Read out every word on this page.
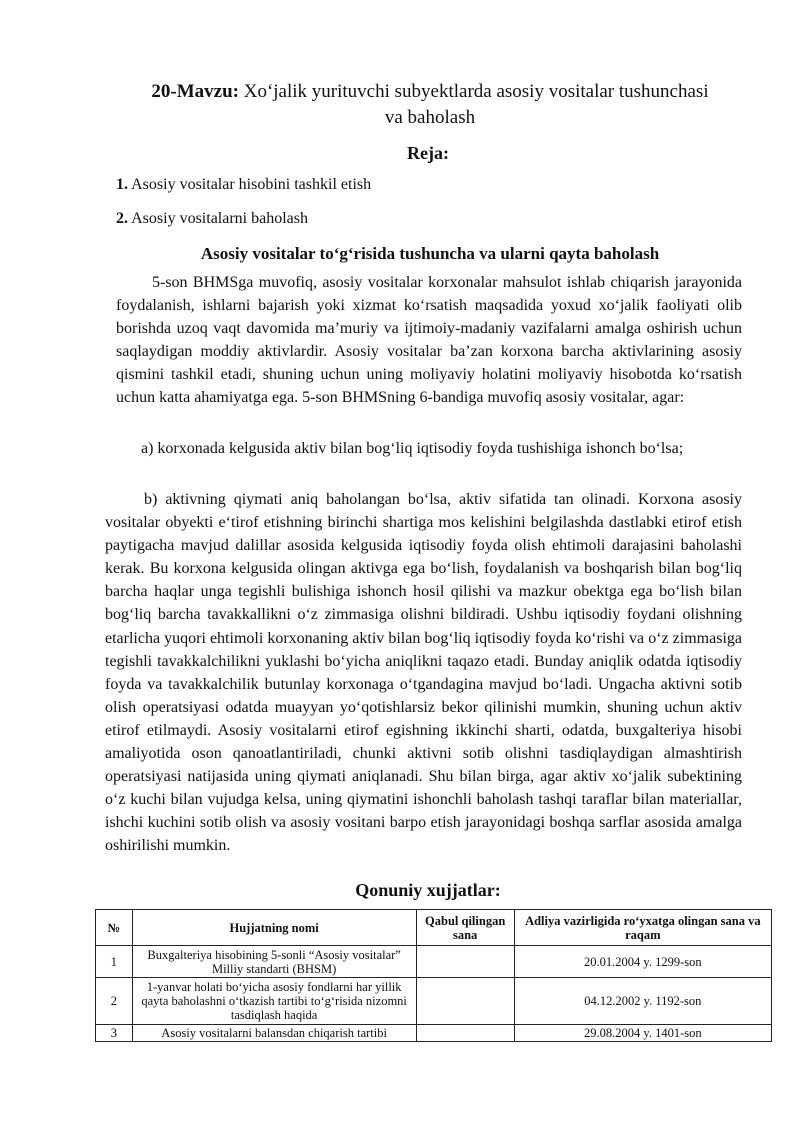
20-Mavzu: Xo‘jalik yurituvchi subyektlarda asosiy vositalar tushunchasi va baholash
Reja:
1. Asosiy vositalar hisobini tashkil etish
2. Asosiy vositalarni baholash
Asosiy vositalar to‘g‘risida tushuncha va ularni qayta baholash

5-son BHMSga muvofiq, asosiy vositalar korxonalar mahsulot ishlab chiqarish jarayonida foydalanish, ishlarni bajarish yoki xizmat ko‘rsatish maqsadida yoxud xo‘jalik faoliyati olib borishda uzoq vaqt davomida ma’muriy va ijtimoiy-madaniy vazifalarni amalga oshirish uchun saqlaydigan moddiy aktivlardir. Asosiy vositalar ba’zan korxona barcha aktivlarining asosiy qismini tashkil etadi, shuning uchun uning moliyaviy holatini moliyaviy hisobotda ko‘rsatish uchun katta ahamiyatga ega. 5-son BHMSning 6-bandiga muvofiq asosiy vositalar, agar:

a) korxonada kelgusida aktiv bilan bog‘liq iqtisodiy foyda tushishiga ishonch bo‘lsa;

b) aktivning qiymati aniq baholangan bo‘lsa, aktiv sifatida tan olinadi. Korxona asosiy vositalar obyekti e‘tirof etishning birinchi shartiga mos kelishini belgilashda dastlabki etirof etish paytigacha mavjud dalillar asosida kelgusida iqtisodiy foyda olish ehtimoli darajasini baholashi kerak. Bu korxona kelgusida olingan aktivga ega bo‘lish, foydalanish va boshqarish bilan bog‘liq barcha haqlar unga tegishli bulishiga ishonch hosil qilishi va mazkur obektga ega bo‘lish bilan bog‘liq barcha tavakkallikni o‘z zimmasiga olishni bildiradi. Ushbu iqtisodiy foydani olishning etarlicha yuqori ehtimoli korxonaning aktiv bilan bog‘liq iqtisodiy foyda ko‘rishi va o‘z zimmasiga tegishli tavakkalchilikni yuklashi bo‘yicha aniqlikni taqazo etadi. Bunday aniqlik odatda iqtisodiy foyda va tavakkalchilik butunlay korxonaga o‘tgandagina mavjud bo‘ladi. Ungacha aktivni sotib olish operatsiyasi odatda muayyan yo‘qotishlarsiz bekor qilinishi mumkin, shuning uchun aktiv etirof etilmaydi. Asosiy vositalarni etirof egishning ikkinchi sharti, odatda, buxgalteriya hisobi amaliyotida oson qanoatlantiriladi, chunki aktivni sotib olishni tasdiqlaydigan almashtirish operatsiyasi natijasida uning qiymati aniqlanadi. Shu bilan birga, agar aktiv xo‘jalik subektining o‘z kuchi bilan vujudga kelsa, uning qiymatini ishonchli baholash tashqi taraflar bilan materiallar, ishchi kuchini sotib olish va asosiy vositani barpo etish jarayonidagi boshqa sarflar asosida amalga oshirilishi mumkin.

Qonuniy xujjatlar:
№	Hujjatning nomi	Qabul qilingan sana	Adliya vazirligida ro‘yxatga olingan sana va raqam
1	Buxgalteriya hisobining 5-sonli “Asosiy vositalar” Milliy standarti (BHSM)		20.01.2004 y. 1299-son
2	1-yanvar holati bo‘yicha asosiy fondlarni har yillik qayta baholashni o‘tkazish tartibi to‘g‘risida nizomni tasdiqlash haqida		04.12.2002 y. 1192-son
3	Asosiy vositalarni balansdan chiqarish tartibi		29.08.2004 y. 1401-son
